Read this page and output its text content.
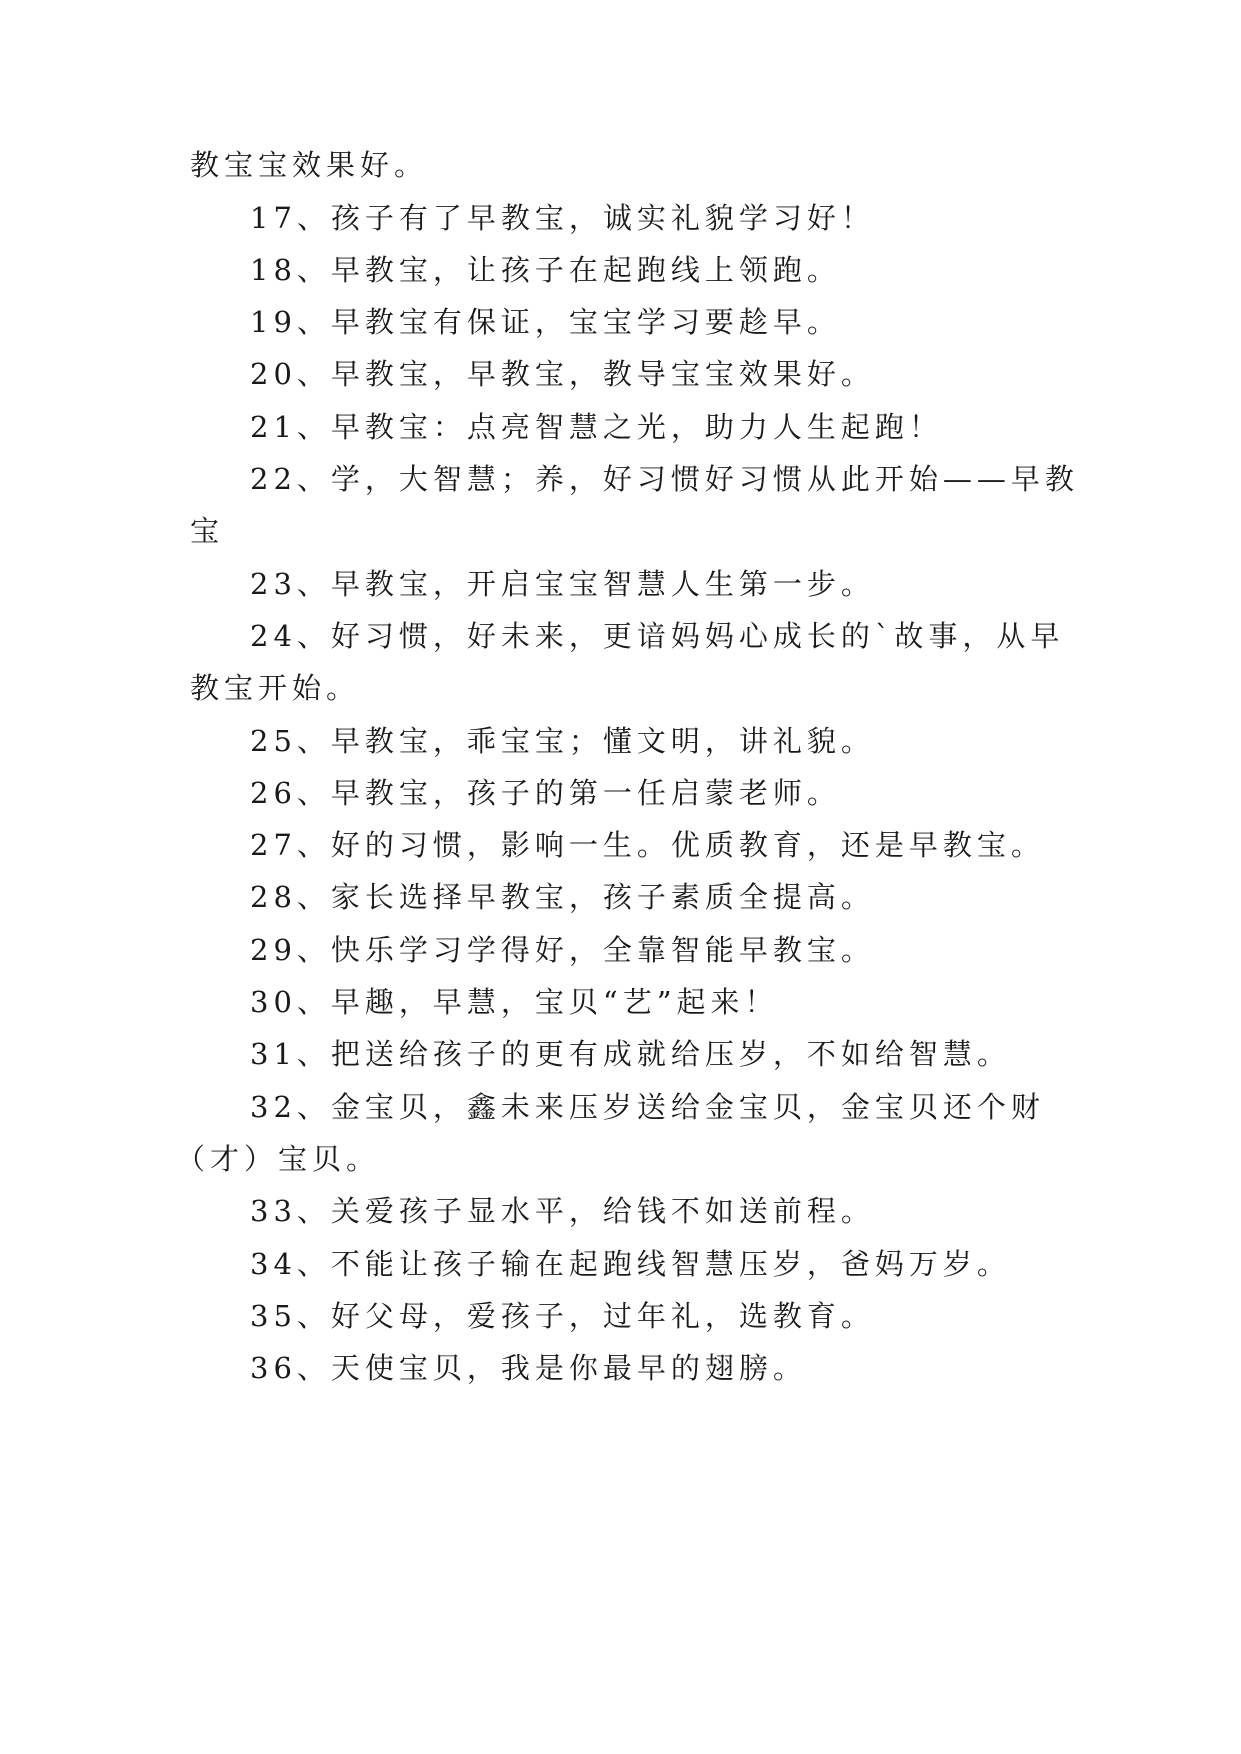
教宝宝效果好。
17、孩子有了早教宝，诚实礼貌学习好！
18、早教宝，让孩子在起跑线上领跑。
19、早教宝有保证，宝宝学习要趁早。
20、早教宝，早教宝，教导宝宝效果好。
21、早教宝：点亮智慧之光，助力人生起跑！
22、学，大智慧；养，好习惯好习惯从此开始——早教
宝
23、早教宝，开启宝宝智慧人生第一步。
24、好习惯，好未来，更谙妈妈心成长的`故事，从早
教宝开始。
25、早教宝，乖宝宝；懂文明，讲礼貌。
26、早教宝，孩子的第一任启蒙老师。
27、好的习惯，影响一生。优质教育，还是早教宝。
28、家长选择早教宝，孩子素质全提高。
29、快乐学习学得好，全靠智能早教宝。
30、早趣，早慧，宝贝“艺”起来！
31、把送给孩子的更有成就给压岁，不如给智慧。
32、金宝贝，鑫未来压岁送给金宝贝，金宝贝还个财
（才）宝贝。
33、关爱孩子显水平，给钱不如送前程。
34、不能让孩子输在起跑线智慧压岁，爸妈万岁。
35、好父母，爱孩子，过年礼，选教育。
36、天使宝贝，我是你最早的翅膀。
